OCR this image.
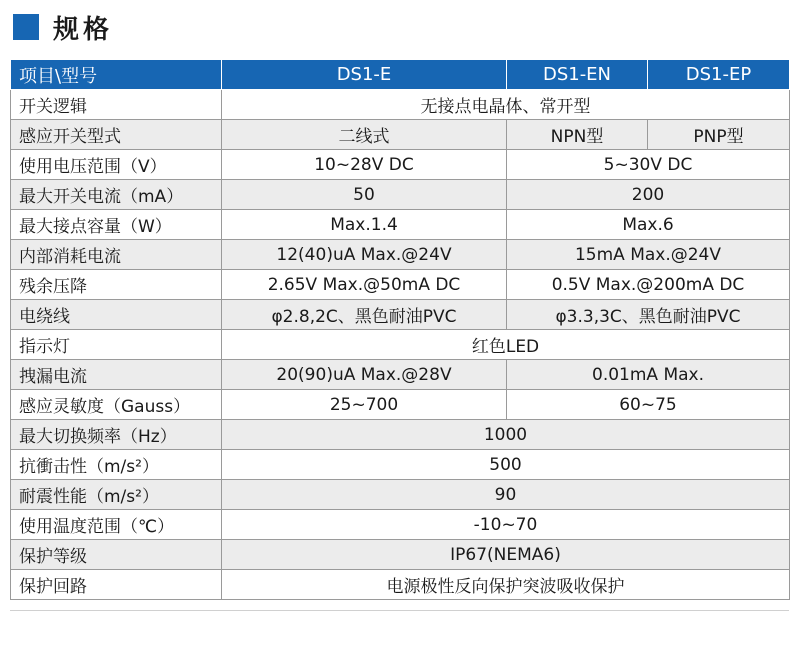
规格
项目\型号	DS1-E	DS1-EN	DS1-EP
开关逻辑	无接点电晶体、常开型		
感应开关型式	二线式	NPN型	PNP型
使用电压范围（V）	10~28V DC	5~30V DC	
最大开关电流（mA）	50	200	
最大接点容量（W）	Max.1.4	Max.6	
内部消耗电流	12(40)uA Max.@24V	15mA Max.@24V	
残余压降	2.65V Max.@50mA DC	0.5V Max.@200mA DC	
电绕线	φ2.8,2C、黑色耐油PVC	φ3.3,3C、黑色耐油PVC	
指示灯	红色LED		
拽漏电流	20(90)uA Max.@28V	0.01mA Max.	
感应灵敏度（Gauss）	25~700	60~75	
最大切换频率（Hz）	1000		
抗衝击性（m/s²）	500		
耐震性能（m/s²）	90		
使用温度范围（℃）	-10~70		
保护等级	IP67(NEMA6)		
保护回路	电源极性反向保护突波吸收保护		
